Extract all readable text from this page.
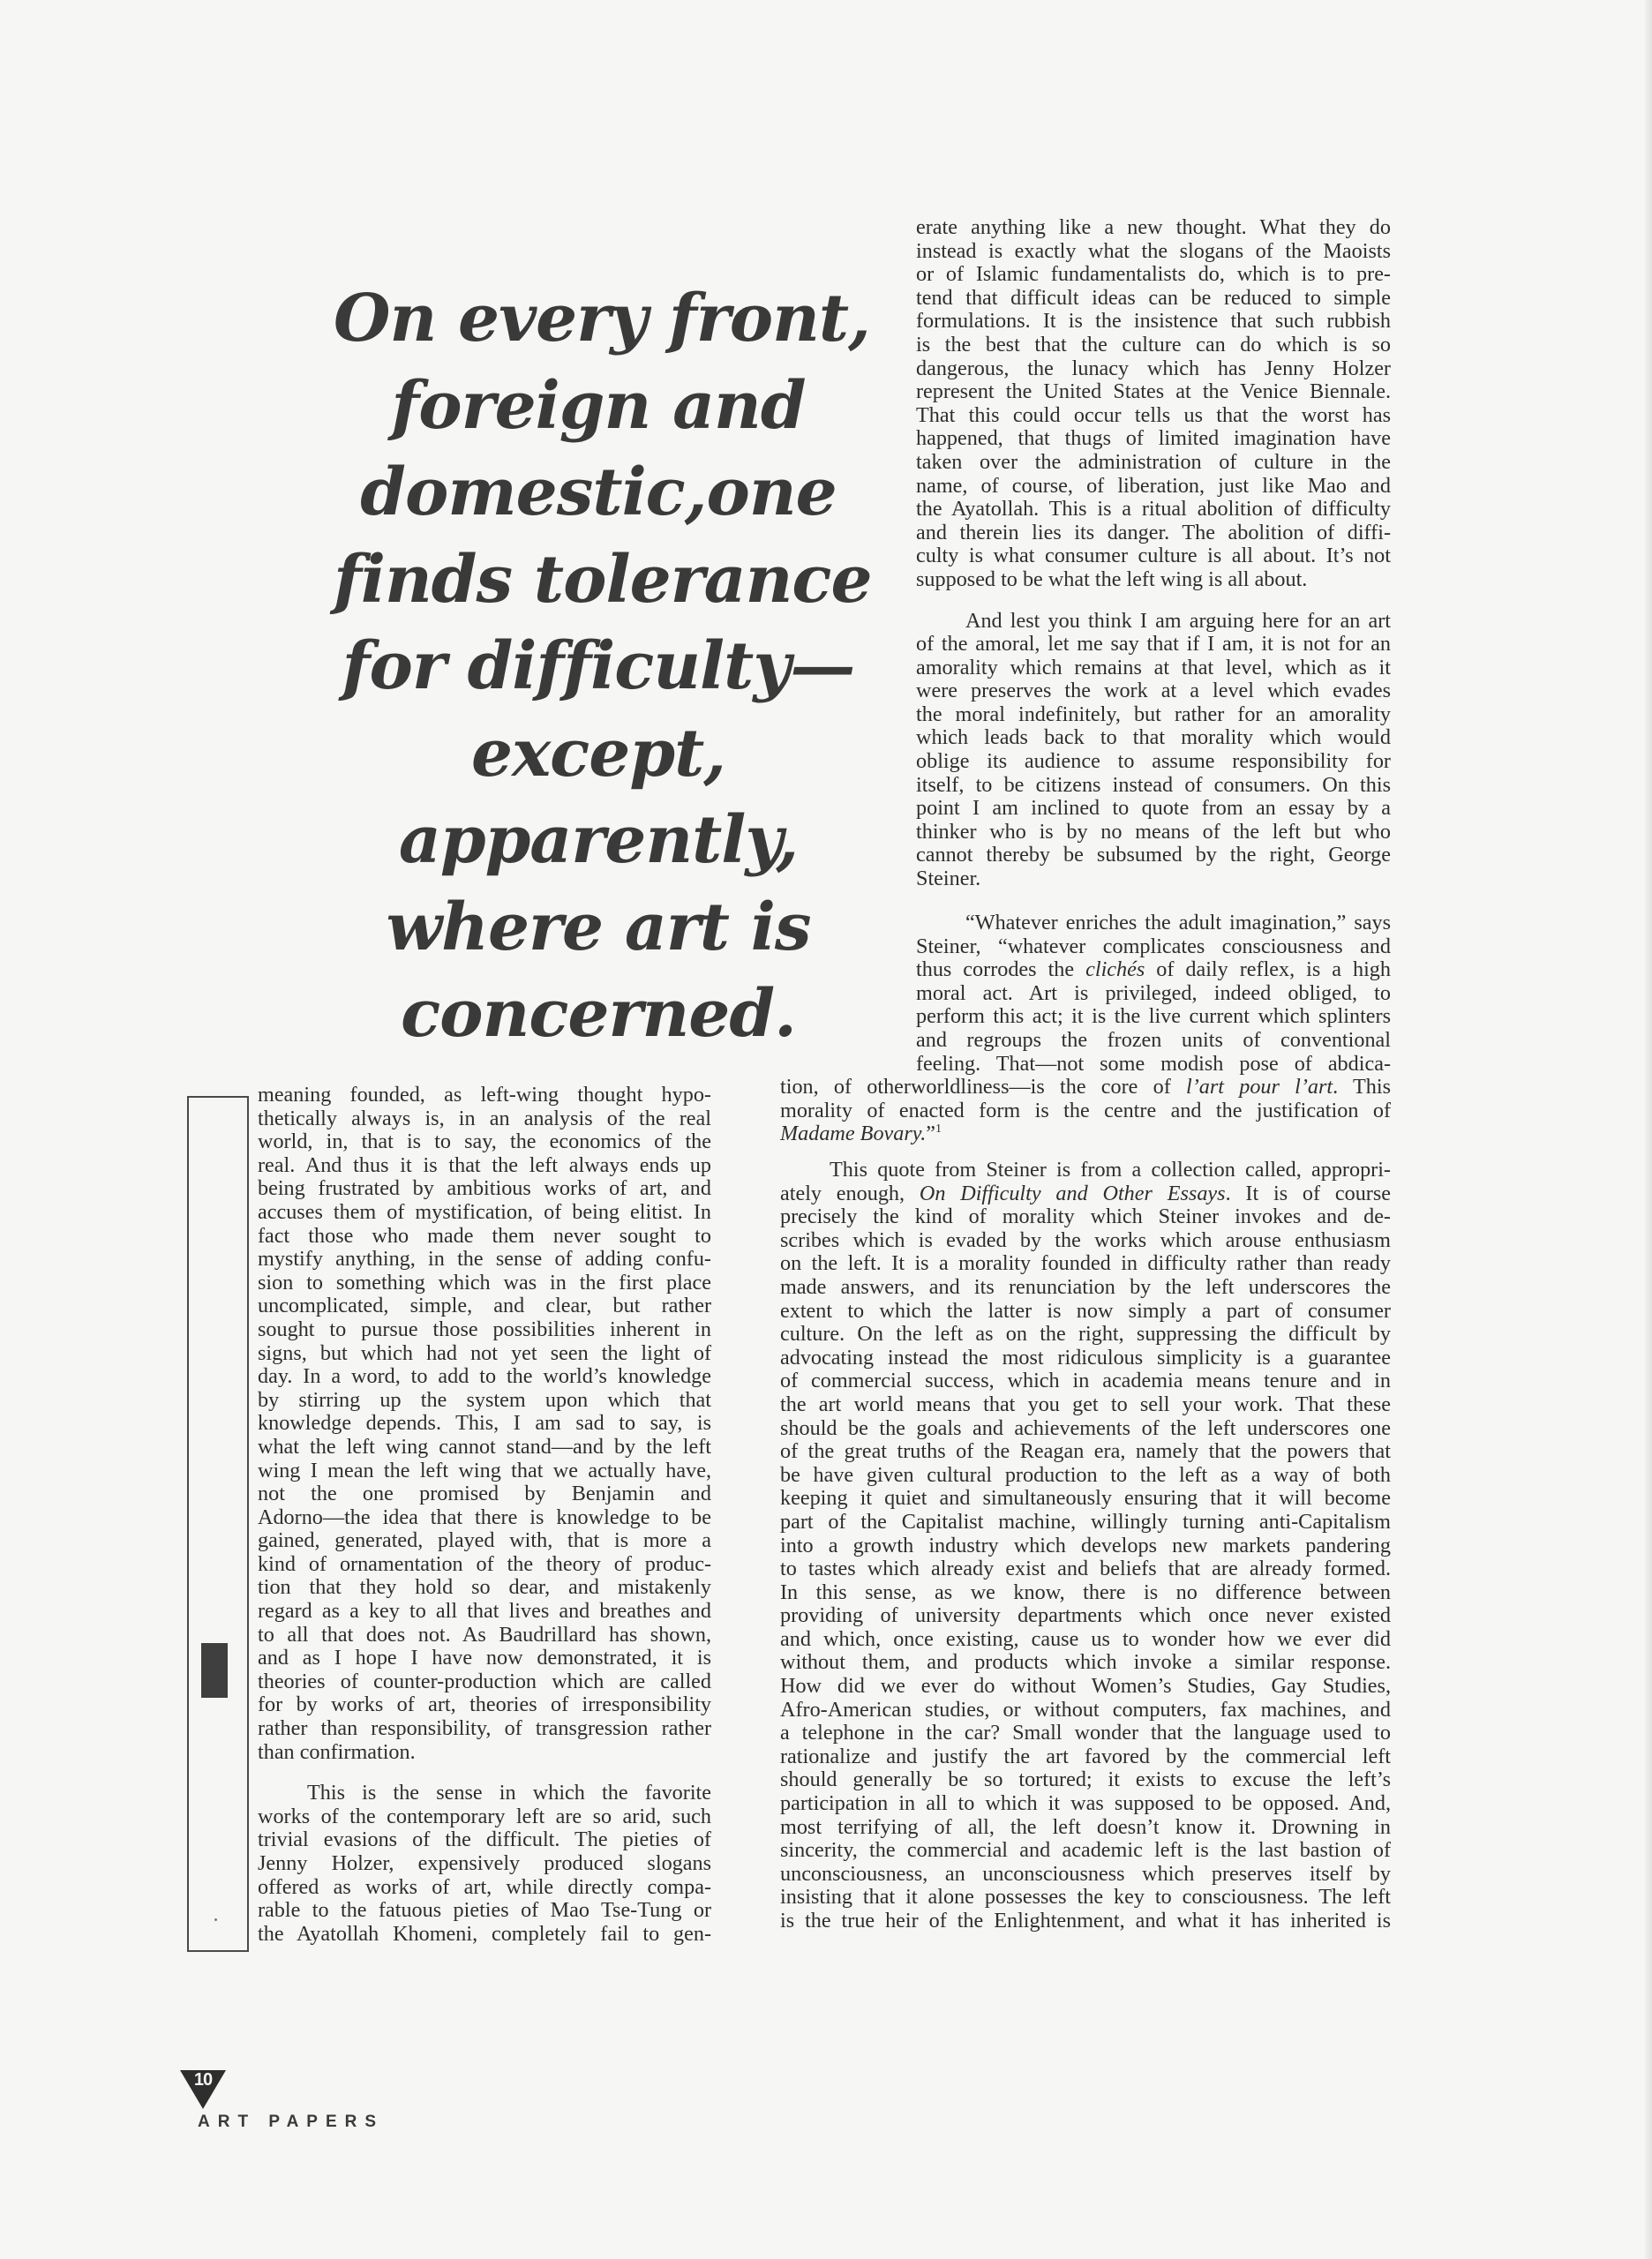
On every front,
foreign and
domestic,one
finds tolerance
for difficulty—
except,
apparently,
where art is
concerned.
meaning founded, as left-wing thought hypo-
thetically always is, in an analysis of the real
world, in, that is to say, the economics of the
real. And thus it is that the left always ends up
being frustrated by ambitious works of art, and
accuses them of mystification, of being elitist. In
fact those who made them never sought to
mystify anything, in the sense of adding confu-
sion to something which was in the first place
uncomplicated, simple, and clear, but rather
sought to pursue those possibilities inherent in
signs, but which had not yet seen the light of
day. In a word, to add to the world’s knowledge
by stirring up the system upon which that
knowledge depends. This, I am sad to say, is
what the left wing cannot stand—and by the left
wing I mean the left wing that we actually have,
not the one promised by Benjamin and
Adorno—the idea that there is knowledge to be
gained, generated, played with, that is more a
kind of ornamentation of the theory of produc-
tion that they hold so dear, and mistakenly
regard as a key to all that lives and breathes and
to all that does not. As Baudrillard has shown,
and as I hope I have now demonstrated, it is
theories of counter-production which are called
for by works of art, theories of irresponsibility
rather than responsibility, of transgression rather
than confirmation.
This is the sense in which the favorite
works of the contemporary left are so arid, such
trivial evasions of the difficult. The pieties of
Jenny Holzer, expensively produced slogans
offered as works of art, while directly compa-
rable to the fatuous pieties of Mao Tse-Tung or
the Ayatollah Khomeni, completely fail to gen-
erate anything like a new thought. What they do
instead is exactly what the slogans of the Maoists
or of Islamic fundamentalists do, which is to pre-
tend that difficult ideas can be reduced to simple
formulations. It is the insistence that such rubbish
is the best that the culture can do which is so
dangerous, the lunacy which has Jenny Holzer
represent the United States at the Venice Biennale.
That this could occur tells us that the worst has
happened, that thugs of limited imagination have
taken over the administration of culture in the
name, of course, of liberation, just like Mao and
the Ayatollah. This is a ritual abolition of difficulty
and therein lies its danger. The abolition of diffi-
culty is what consumer culture is all about. It’s not
supposed to be what the left wing is all about.
And lest you think I am arguing here for an art
of the amoral, let me say that if I am, it is not for an
amorality which remains at that level, which as it
were preserves the work at a level which evades
the moral indefinitely, but rather for an amorality
which leads back to that morality which would
oblige its audience to assume responsibility for
itself, to be citizens instead of consumers. On this
point I am inclined to quote from an essay by a
thinker who is by no means of the left but who
cannot thereby be subsumed by the right, George
Steiner.
“Whatever enriches the adult imagination,” says
Steiner, “whatever complicates consciousness and
thus corrodes the clichés of daily reflex, is a high
moral act. Art is privileged, indeed obliged, to
perform this act; it is the live current which splinters
and regroups the frozen units of conventional
feeling. That—not some modish pose of abdica-
tion, of otherworldliness—is the core of l’art pour l’art. This
morality of enacted form is the centre and the justification of
Madame Bovary.”$^1$
This quote from Steiner is from a collection called, appropri-
ately enough, On Difficulty and Other Essays. It is of course
precisely the kind of morality which Steiner invokes and de-
scribes which is evaded by the works which arouse enthusiasm
on the left. It is a morality founded in difficulty rather than ready
made answers, and its renunciation by the left underscores the
extent to which the latter is now simply a part of consumer
culture. On the left as on the right, suppressing the difficult by
advocating instead the most ridiculous simplicity is a guarantee
of commercial success, which in academia means tenure and in
the art world means that you get to sell your work. That these
should be the goals and achievements of the left underscores one
of the great truths of the Reagan era, namely that the powers that
be have given cultural production to the left as a way of both
keeping it quiet and simultaneously ensuring that it will become
part of the Capitalist machine, willingly turning anti-Capitalism
into a growth industry which develops new markets pandering
to tastes which already exist and beliefs that are already formed.
In this sense, as we know, there is no difference between
providing of university departments which once never existed
and which, once existing, cause us to wonder how we ever did
without them, and products which invoke a similar response.
How did we ever do without Women’s Studies, Gay Studies,
Afro-American studies, or without computers, fax machines, and
a telephone in the car? Small wonder that the language used to
rationalize and justify the art favored by the commercial left
should generally be so tortured; it exists to excuse the left’s
participation in all to which it was supposed to be opposed. And,
most terrifying of all, the left doesn’t know it. Drowning in
sincerity, the commercial and academic left is the last bastion of
unconsciousness, an unconsciousness which preserves itself by
insisting that it alone possesses the key to consciousness. The left
is the true heir of the Enlightenment, and what it has inherited is
10
ART PAPERS
